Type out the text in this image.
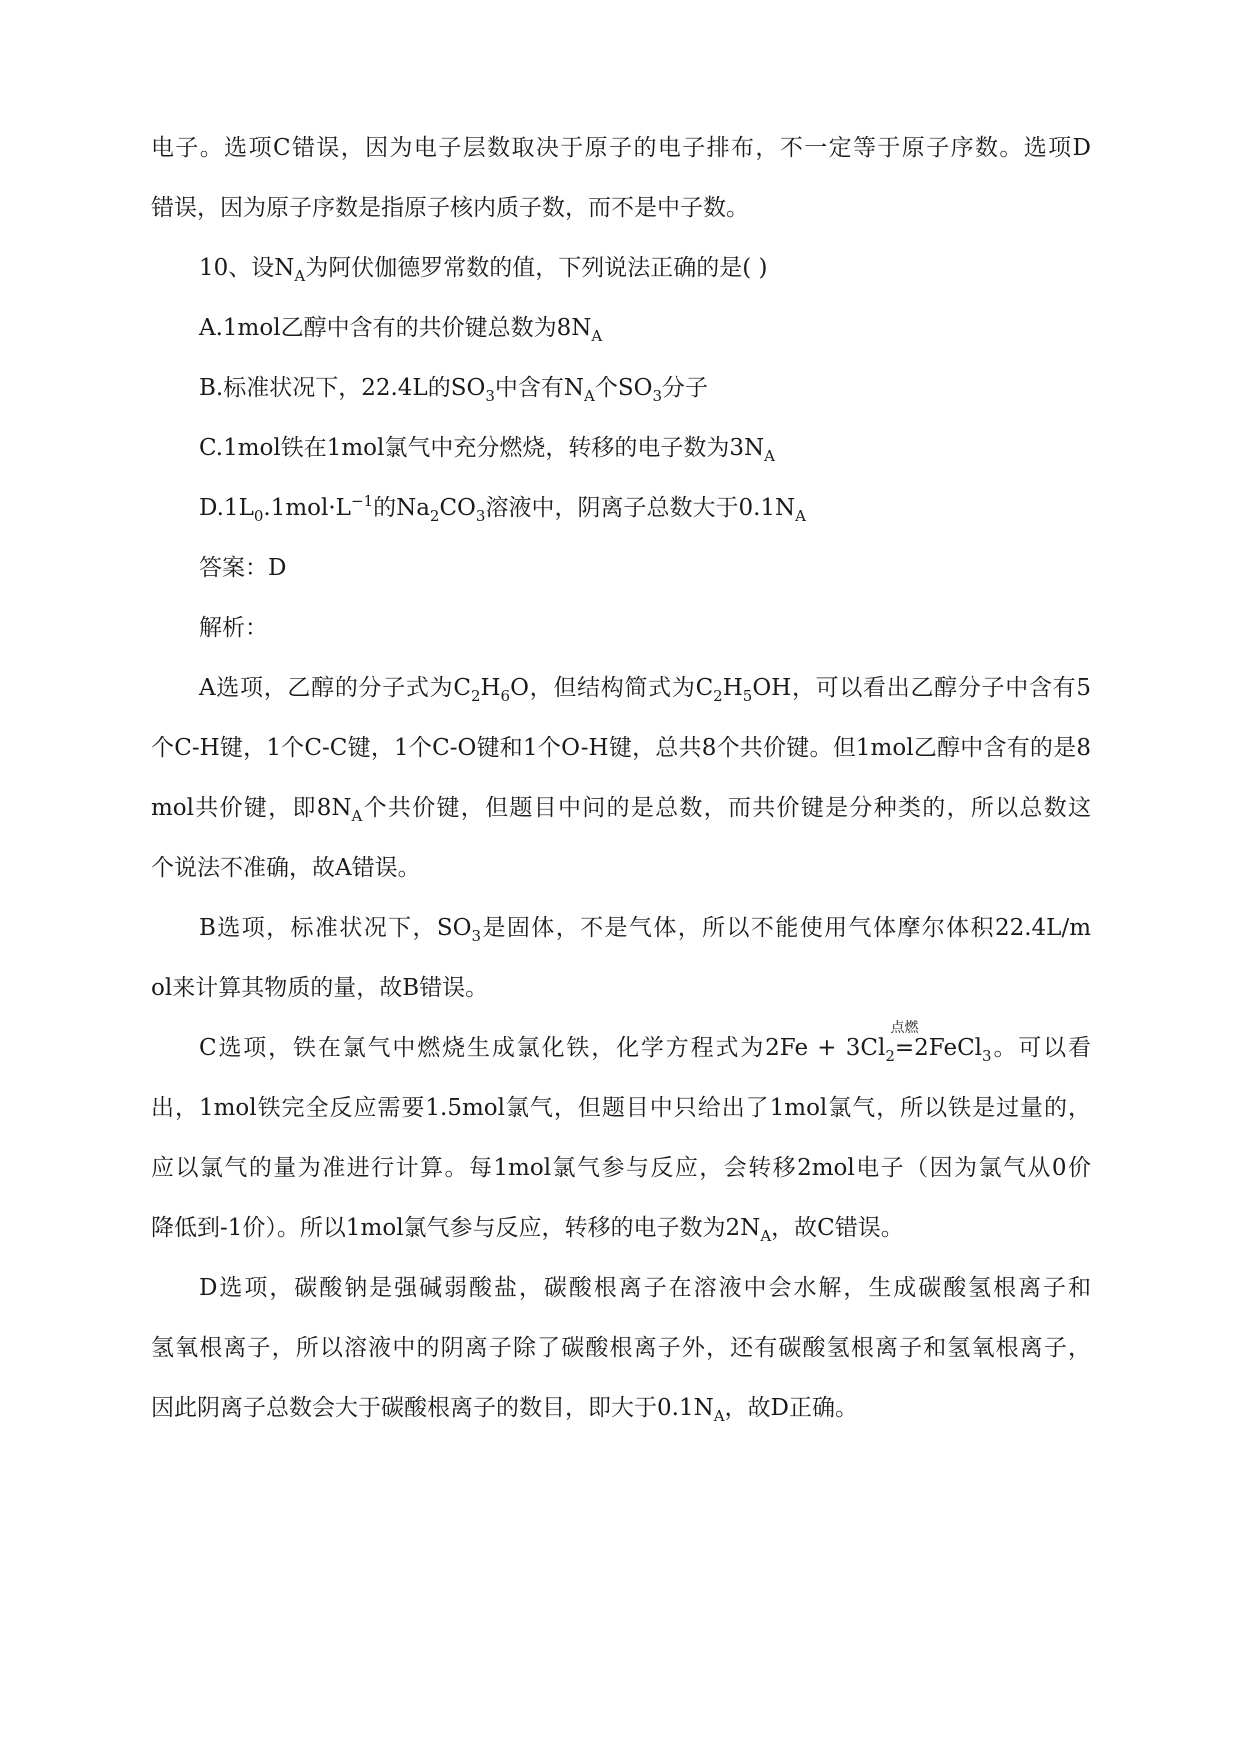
电子。选项C错误，因为电子层数取决于原子的电子排布，不一定等于原子序数。选项D
错误，因为原子序数是指原子核内质子数，而不是中子数。
10、设$N_A$为阿伏伽德罗常数的值，下列说法正确的是( )
A.1mol乙醇中含有的共价键总数为$8N_A$
B.标准状况下，22.4L的$SO_3$中含有$N_A$个$SO_3$分子
C.1mol铁在1mol氯气中充分燃烧，转移的电子数为$3N_A$
$D.1L_0.1mol\cdot L^{-1}$的$Na_2CO_3$溶液中，阴离子总数大于$0.1N_A$
答案：D
解析：
A选项，乙醇的分子式为$C_2H_6O$，但结构简式为$C_2H_5OH$，可以看出乙醇分子中含有5
个C-H键，1个C-C键，1个C-O键和1个O-H键，总共8个共价键。但1mol乙醇中含有的是8
mol共价键，即$8N_A$个共价键，但题目中问的是总数，而共价键是分种类的，所以总数这
个说法不准确，故A错误。
B选项，标准状况下，$SO_3$是固体，不是气体，所以不能使用气体摩尔体积22.4L/m
ol来计算其物质的量，故B错误。
C选项，铁在氯气中燃烧生成氯化铁，化学方程式为$2Fe + 3Cl_2$
点燃
=2FeCl$_3$。可以看
出，1mol铁完全反应需要1.5mol氯气，但题目中只给出了1mol氯气，所以铁是过量的，
应以氯气的量为准进行计算。每1mol氯气参与反应，会转移2mol电子（因为氯气从0价
降低到-1价）。所以1mol氯气参与反应，转移的电子数为$2N_A$，故C错误。
D选项，碳酸钠是强碱弱酸盐，碳酸根离子在溶液中会水解，生成碳酸氢根离子和
氢氧根离子，所以溶液中的阴离子除了碳酸根离子外，还有碳酸氢根离子和氢氧根离子，
因此阴离子总数会大于碳酸根离子的数目，即大于$0.1N_A$，故D正确。
